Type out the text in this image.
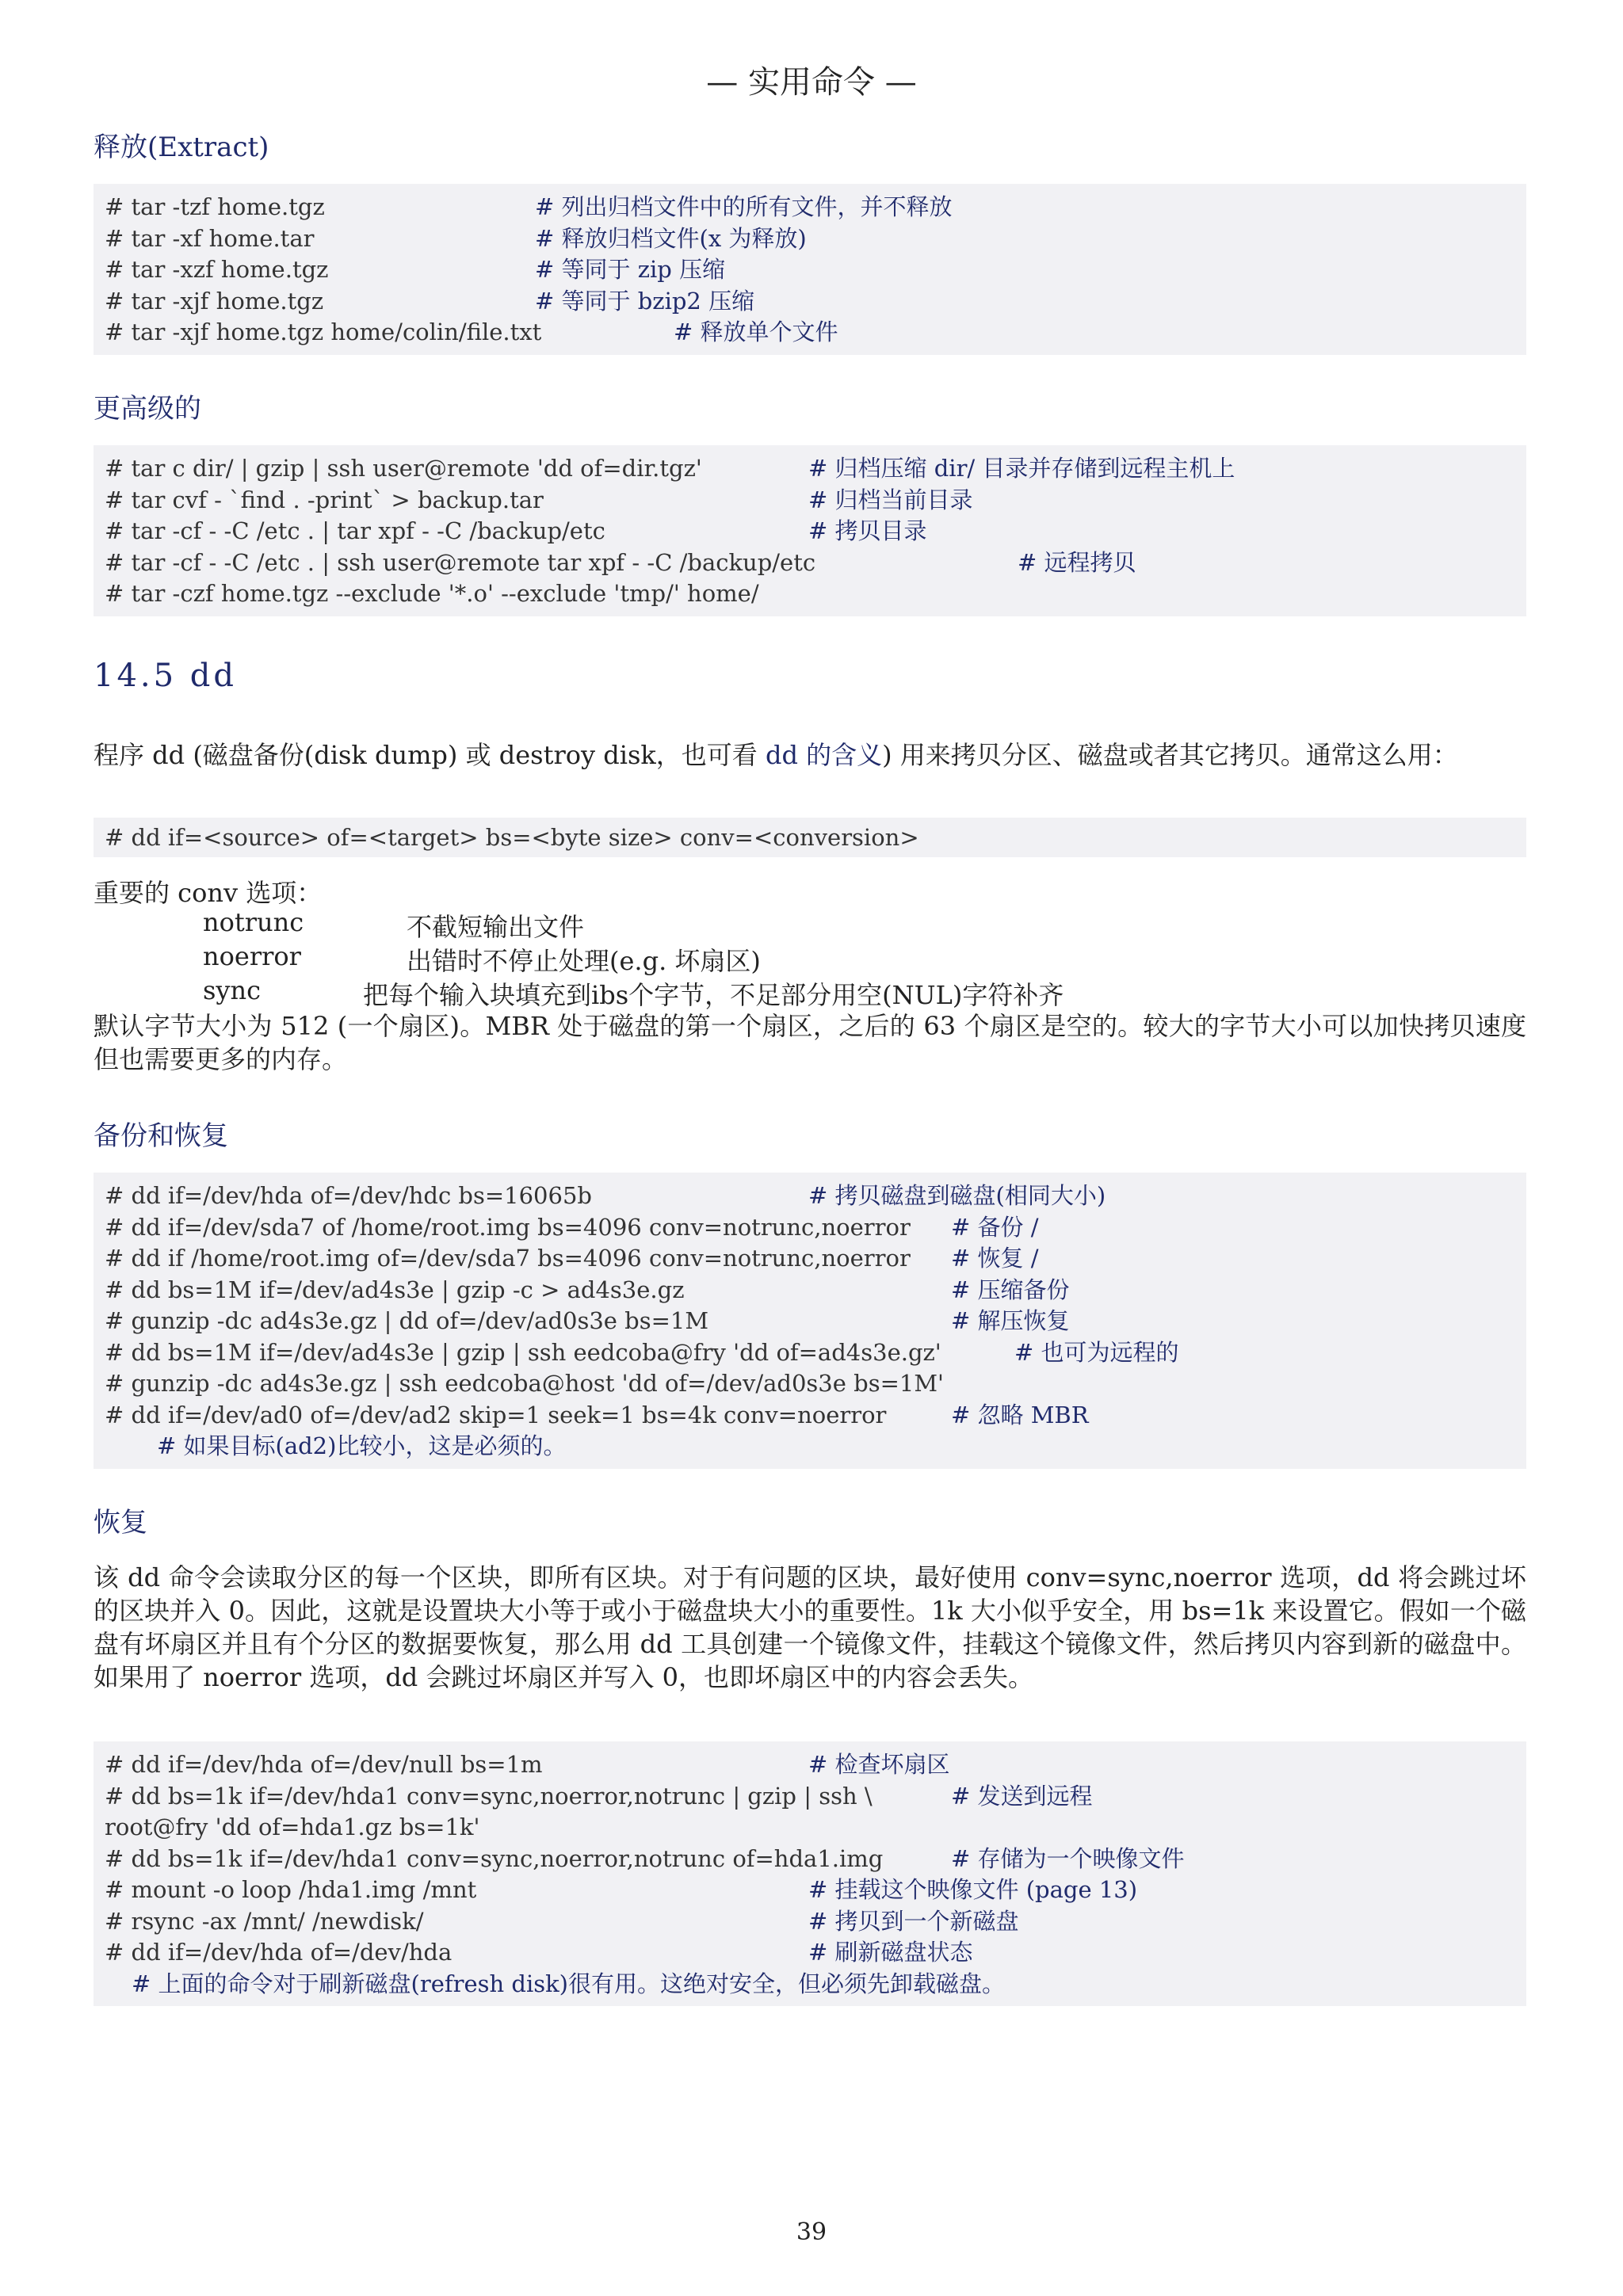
— 实用命令 —
释放(Extract)
# tar -tzf home.tgz	# 列出归档文件中的所有文件，并不释放
# tar -xf home.tar	# 释放归档文件(x 为释放)
# tar -xzf home.tgz	# 等同于 zip 压缩
# tar -xjf home.tgz	# 等同于 bzip2 压缩
# tar -xjf home.tgz home/colin/file.txt	# 释放单个文件
更高级的
# tar c dir/ | gzip | ssh user@remote 'dd of=dir.tgz'	# 归档压缩 dir/ 目录并存储到远程主机上
# tar cvf - `find . -print` > backup.tar	# 归档当前目录
# tar -cf - -C /etc . | tar xpf - -C /backup/etc	# 拷贝目录
# tar -cf - -C /etc . | ssh user@remote tar xpf - -C /backup/etc	# 远程拷贝
# tar -czf home.tgz --exclude '*.o' --exclude 'tmp/' home/
14.5 dd
程序 dd (磁盘备份(disk dump) 或 destroy disk，也可看 dd 的含义) 用来拷贝分区、磁盘或者其它拷贝。通常这么用：
# dd if=<source> of=<target> bs=<byte size> conv=<conversion>
重要的 conv 选项：
notrunc	不截短输出文件
noerror	出错时不停止处理(e.g. 坏扇区)
sync	把每个输入块填充到ibs个字节，不足部分用空(NUL)字符补齐
默认字节大小为 512 (一个扇区)。MBR 处于磁盘的第一个扇区，之后的 63 个扇区是空的。较大的字节大小可以加快拷贝速度但也需要更多的内存。
备份和恢复
# dd if=/dev/hda of=/dev/hdc bs=16065b	# 拷贝磁盘到磁盘(相同大小)
# dd if=/dev/sda7 of /home/root.img bs=4096 conv=notrunc,noerror # 备份 /
# dd if /home/root.img of=/dev/sda7 bs=4096 conv=notrunc,noerror # 恢复 /
# dd bs=1M if=/dev/ad4s3e | gzip -c > ad4s3e.gz	# 压缩备份
# gunzip -dc ad4s3e.gz | dd of=/dev/ad0s3e bs=1M	# 解压恢复
# dd bs=1M if=/dev/ad4s3e | gzip | ssh eedcoba@fry 'dd of=ad4s3e.gz'	# 也可为远程的
# gunzip -dc ad4s3e.gz | ssh eedcoba@host 'dd of=/dev/ad0s3e bs=1M'
# dd if=/dev/ad0 of=/dev/ad2 skip=1 seek=1 bs=4k conv=noerror	# 忽略 MBR
# 如果目标(ad2)比较小，这是必须的。
恢复
该 dd 命令会读取分区的每一个区块，即所有区块。对于有问题的区块，最好使用 conv=sync,noerror 选项，dd 将会跳过坏的区块并入 0。因此，这就是设置块大小等于或小于磁盘块大小的重要性。1k 大小似乎安全，用 bs=1k 来设置它。假如一个磁盘有坏扇区并且有个分区的数据要恢复，那么用 dd 工具创建一个镜像文件，挂载这个镜像文件，然后拷贝内容到新的磁盘中。如果用了 noerror 选项，dd 会跳过坏扇区并写入 0，也即坏扇区中的内容会丢失。
# dd if=/dev/hda of=/dev/null bs=1m	# 检查坏扇区
# dd bs=1k if=/dev/hda1 conv=sync,noerror,notrunc | gzip | ssh \	# 发送到远程
root@fry 'dd of=hda1.gz bs=1k'
# dd bs=1k if=/dev/hda1 conv=sync,noerror,notrunc of=hda1.img	# 存储为一个映像文件
# mount -o loop /hda1.img /mnt	# 挂载这个映像文件 (page 13)
# rsync -ax /mnt/ /newdisk/	# 拷贝到一个新磁盘
# dd if=/dev/hda of=/dev/hda	# 刷新磁盘状态
# 上面的命令对于刷新磁盘(refresh disk)很有用。这绝对安全，但必须先卸载磁盘。
39
